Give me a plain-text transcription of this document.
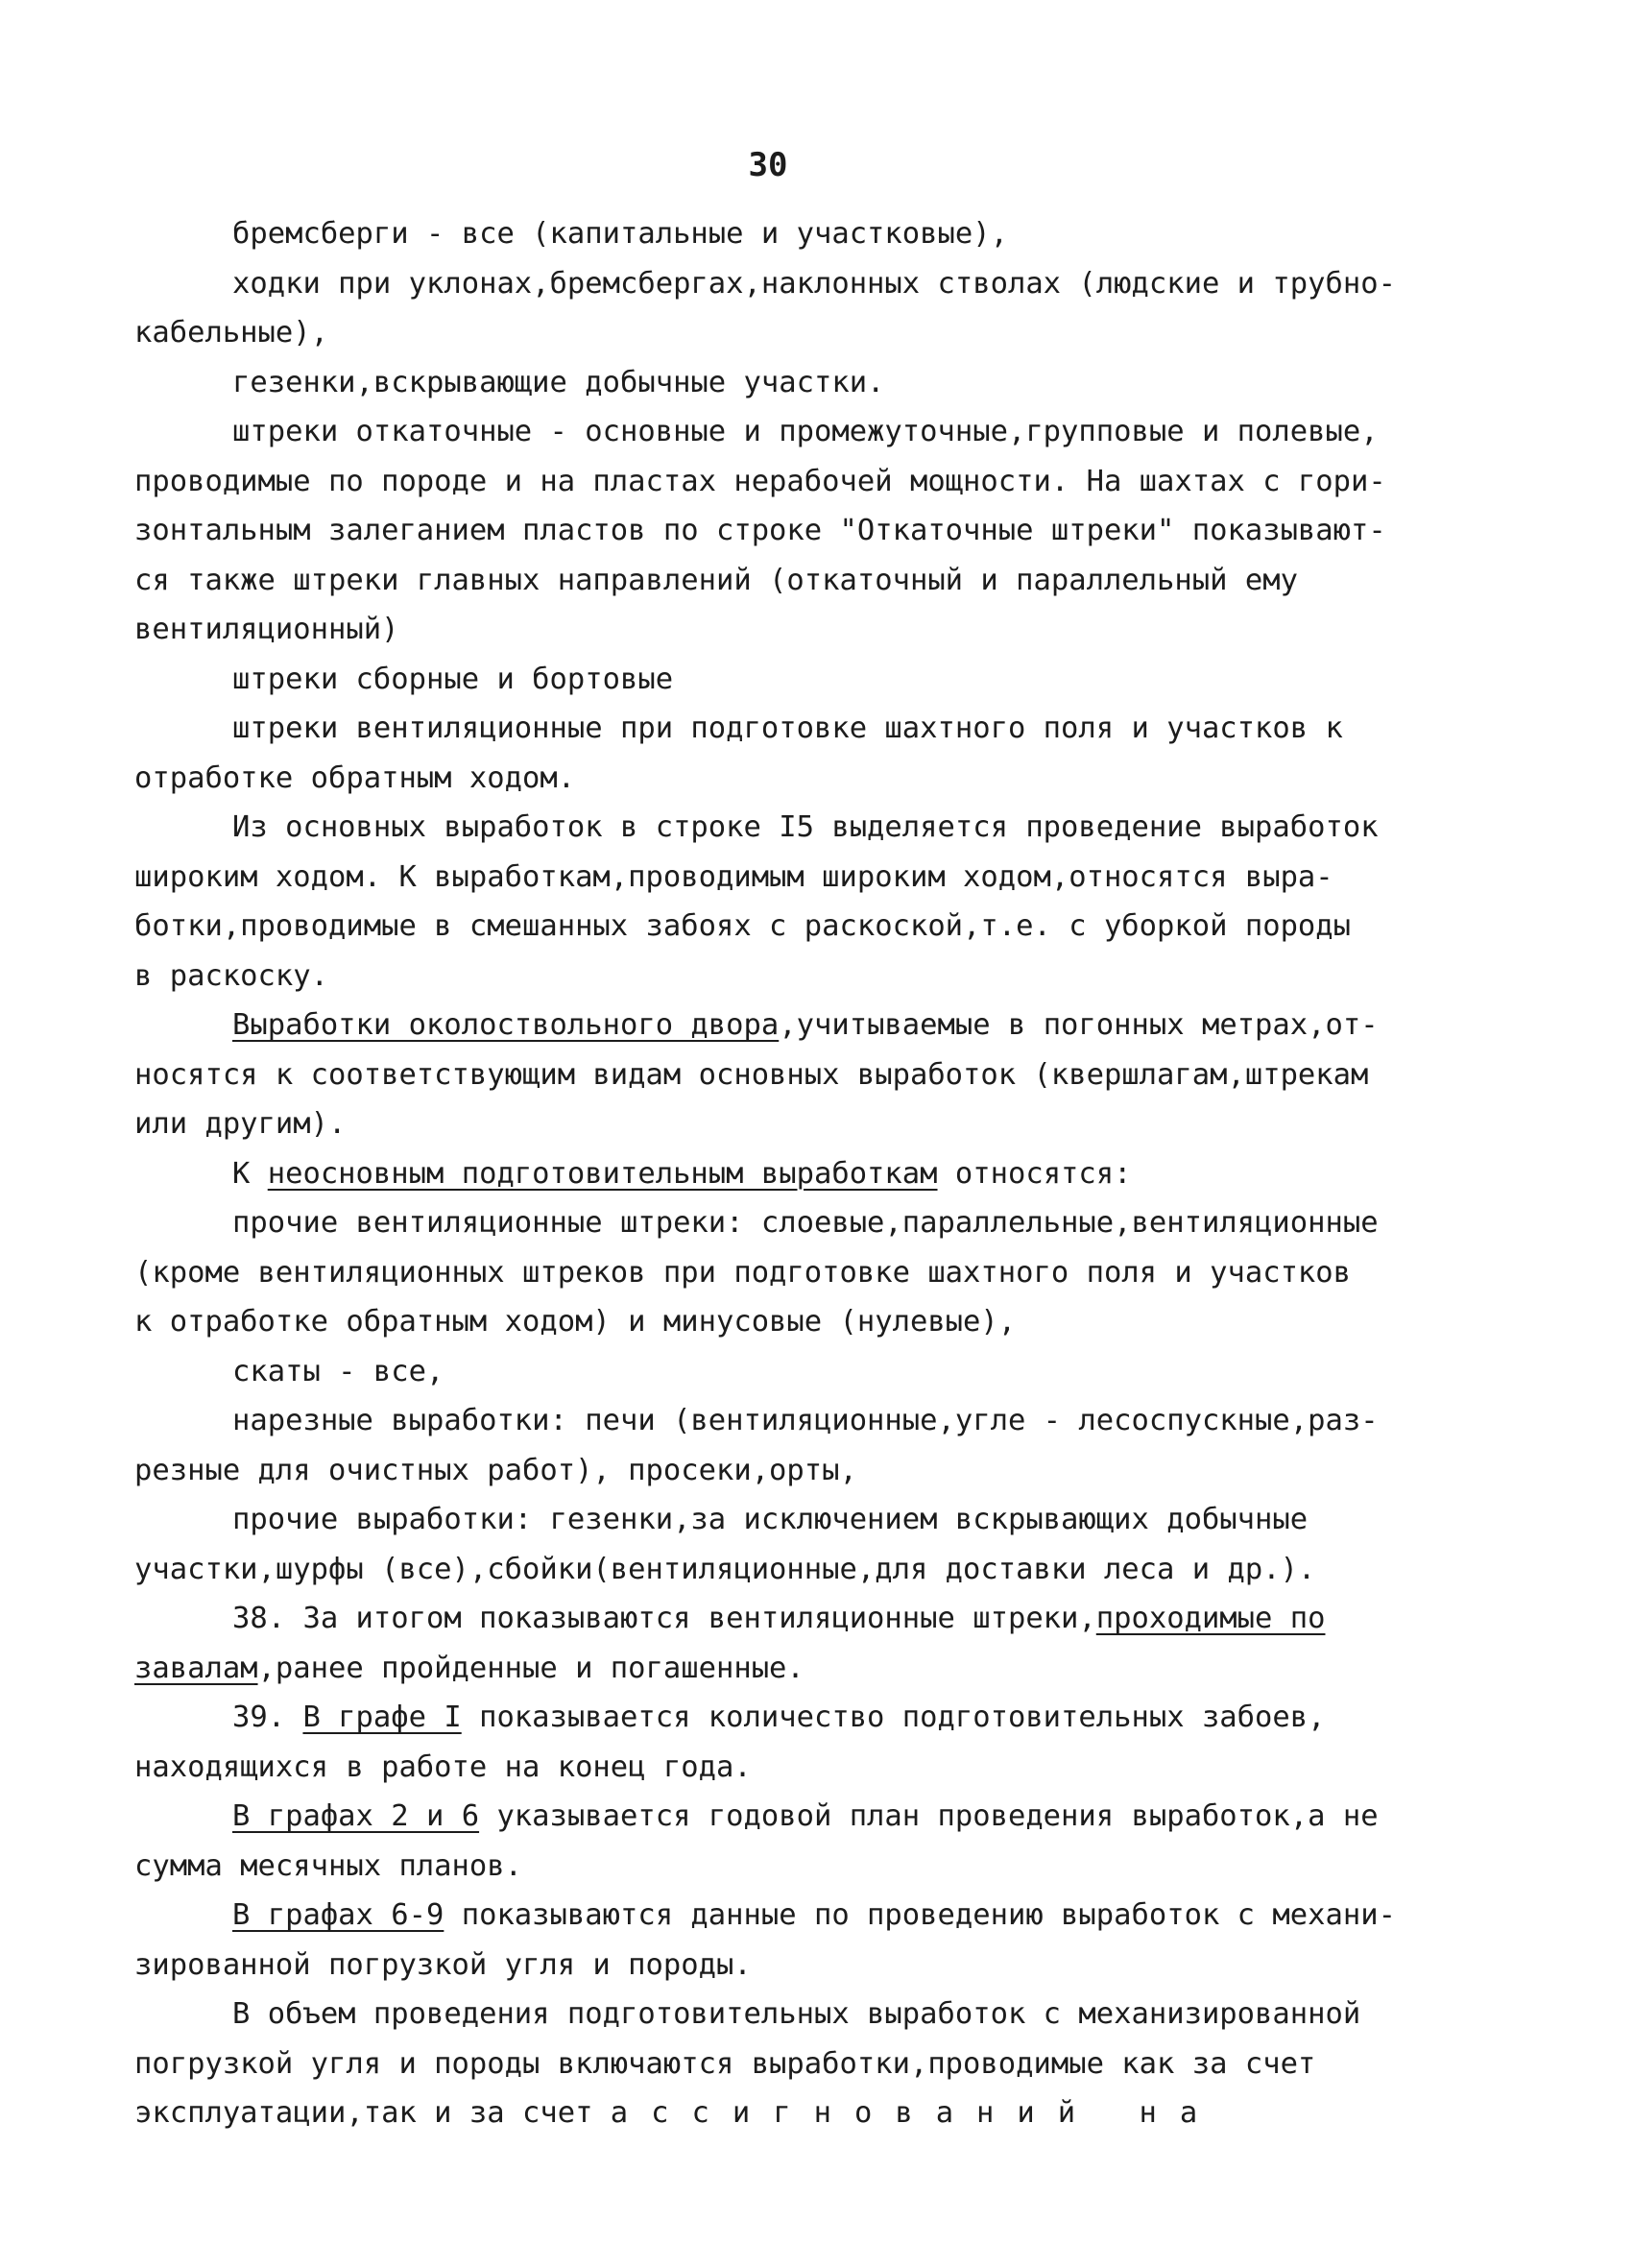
30
бремсберги - все (капитальные и участковые),
ходки при уклонах,бремсбергах,наклонных стволах (людские и трубно-
кабельные),
гезенки,вскрывающие добычные участки.
штреки откаточные - основные и промежуточные,групповые и полевые,
проводимые по породе и на пластах нерабочей мощности. На шахтах с гори-
зонтальным залеганием пластов по строке "Откаточные штреки" показывают-
ся также штреки главных направлений (откаточный и параллельный ему
вентиляционный)
штреки сборные и бортовые
штреки вентиляционные при подготовке шахтного поля и участков к
отработке обратным ходом.
Из основных выработок в строке I5 выделяется проведение выработок
широким ходом. К выработкам,проводимым широким ходом,относятся выра-
ботки,проводимые в смешанных забоях с раскоской,т.е. с уборкой породы
в раскоску.
Выработки околоствольного двора,учитываемые в погонных метрах,от-
носятся к соответствующим видам основных выработок (квершлагам,штрекам
или другим).
К неосновным подготовительным выработкам относятся:
прочие вентиляционные штреки: слоевые,параллельные,вентиляционные
(кроме вентиляционных штреков при подготовке шахтного поля и участков
к отработке обратным ходом) и минусовые (нулевые),
скаты - все,
нарезные выработки: печи (вентиляционные,угле - лесоспускные,раз-
резные для очистных работ), просеки,орты,
прочие выработки: гезенки,за исключением вскрывающих добычные
участки,шурфы (все),сбойки(вентиляционные,для доставки леса и др.).
38. За итогом показываются вентиляционные штреки,проходимые по
завалам,ранее пройденные и погашенные.
39. В графе I показывается количество подготовительных забоев,
находящихся в работе на конец года.
В графах 2 и 6 указывается годовой план проведения выработок,а не
сумма месячных планов.
В графах 6-9 показываются данные по проведению выработок с механи-
зированной погрузкой угля и породы.
В объем проведения подготовительных выработок с механизированной
погрузкой угля и породы включаются выработки,проводимые как за счет
эксплуатации,так и за счет ассигнований на
